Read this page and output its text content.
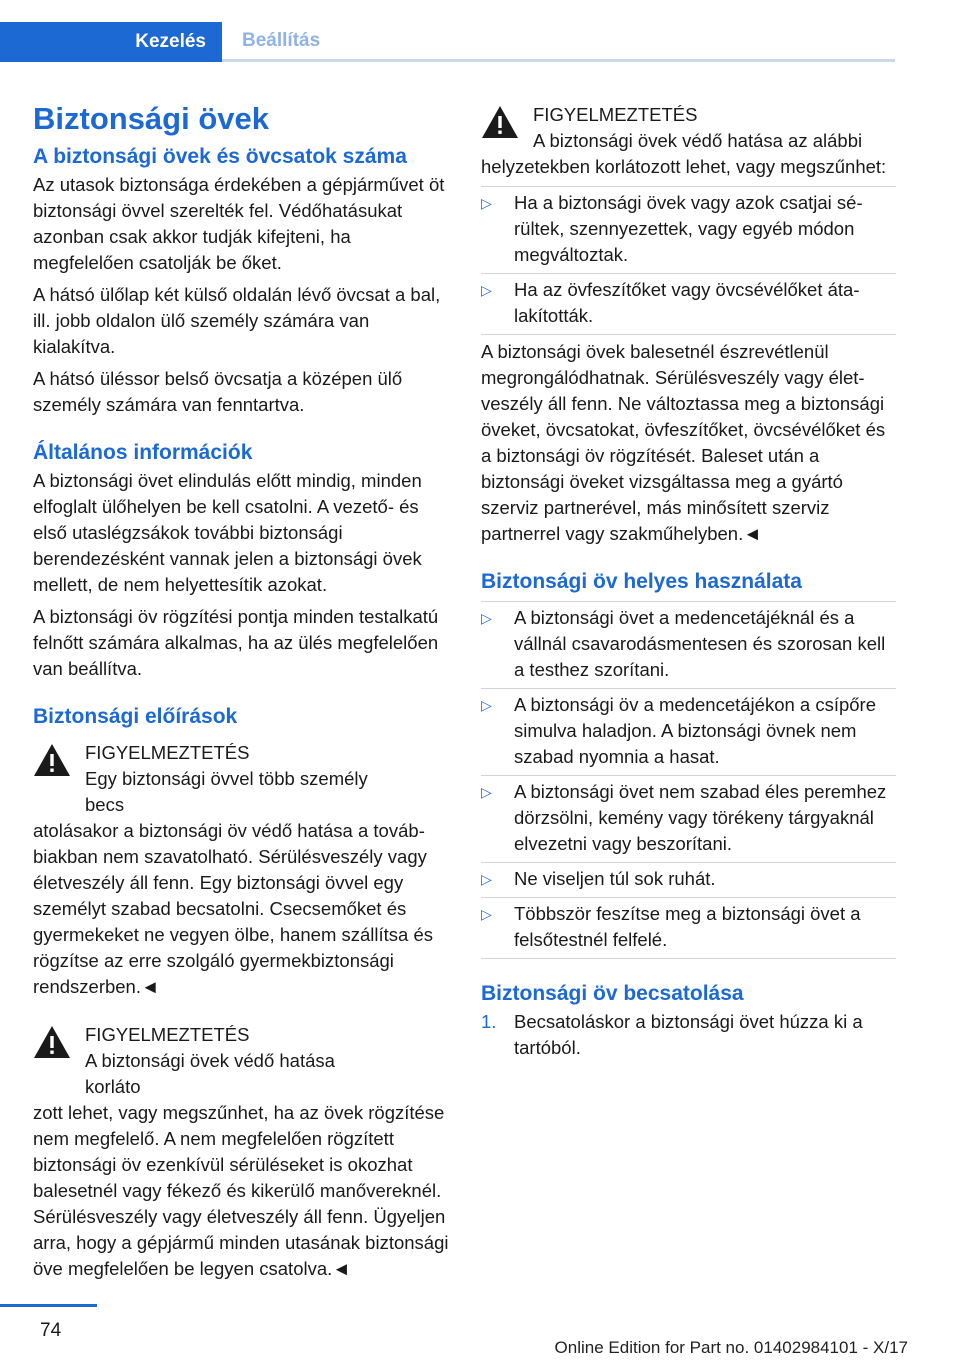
Kezelés	Beállítás
Biztonsági övek
A biztonsági övek és övcsatok száma

Az utasok biztonsága érdekében a gépjárművet öt biztonsági övvel szerelték fel. Védőhatásukat azonban csak akkor tudják kifejteni, ha megfelelően csatolják be őket.

A hátsó ülőlap két külső oldalán lévő övcsat a bal, ill. jobb oldalon ülő személy számára van kialakítva.

A hátsó üléssor belső övcsatja a középen ülő személy számára van fenntartva.

Általános információk

A biztonsági övet elindulás előtt mindig, minden elfoglalt ülőhelyen be kell csatolni. A vezető- és első utaslégzsákok további biztonsági berendezésként vannak jelen a biztonsági övek mellett, de nem helyettesítik azokat.

A biztonsági öv rögzítési pontja minden testalkatú felnőtt számára alkalmas, ha az ülés megfelelően van beállítva.

Biztonsági előírások
FIGYELMEZTETÉS
Egy biztonsági övvel több személy becs

atolásakor a biztonsági öv védő hatása a továbbiakban nem szavatolható. Sérülésveszély vagy életveszély áll fenn. Egy biztonsági övvel egy személyt szabad becsatolni. Csecsemőket és gyermekeket ne vegyen ölbe, hanem szállítsa és rögzítse az erre szolgáló gyermekbiztonsági rendszerben.◄

FIGYELMEZTETÉS
A biztonsági övek védő hatása korláto

zott lehet, vagy megszűnhet, ha az övek rögzítése nem megfelelő. A nem megfelelően rögzített biztonsági öv ezenkívül sérüléseket is okozhat balesetnél vagy fékező és kikerülő manővereknél. Sérülésveszély vagy életveszély áll fenn. Ügyeljen arra, hogy a gépjármű minden utasának biztonsági öve megfelelően be legyen csatolva.◄

FIGYELMEZTETÉS
A biztonsági övek védő hatása az alábbi

helyzetekben korlátozott lehet, vagy megszűnhet:

▷ Ha a biztonsági övek vagy azok csatjai sérültek, szennyezettek, vagy egyéb módon megváltoztak.
▷ Ha az övfeszítőket vagy övcsévélőket átalakították.

A biztonsági övek balesetnél észrevétlenül megrongálódhatnak. Sérülésveszély vagy életveszély áll fenn. Ne változtassa meg a biztonsági öveket, övcsatokat, övfeszítőket, övcsévélőket és a biztonsági öv rögzítését. Baleset után a biztonsági öveket vizsgáltassa meg a gyártó szerviz partnerével, más minősített szerviz partnerrel vagy szakműhelyben.◄

Biztonsági öv helyes használata
▷ A biztonsági övet a medencetájéknál és a vállnál csavarodásmentesen és szorosan kell a testhez szorítani.
▷ A biztonsági öv a medencetájékon a csípőre simulva haladjon. A biztonsági övnek nem szabad nyomnia a hasat.
▷ A biztonsági övet nem szabad éles peremhez dörzsölni, kemény vagy törékeny tárgyaknál elvezetni vagy beszorítani.
▷ Ne viseljen túl sok ruhát.
▷ Többször feszítse meg a biztonsági övet a felsőtestnél felfelé.
Biztonsági öv becsatolása
1. Becsatoláskor a biztonsági övet húzza ki a tartóból.
74
Online Edition for Part no. 01402984101 - X/17
